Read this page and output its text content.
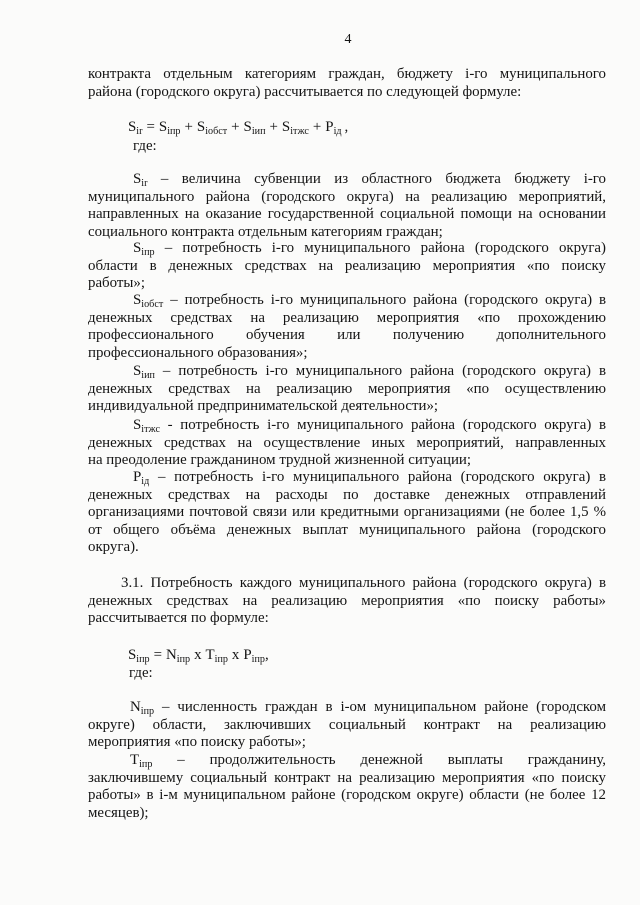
4
контракта отдельным категориям граждан, бюджету i-го муниципального
района (городского округа) рассчитывается по следующей формуле:
$S_{ir} = S_{iпр} + S_{iобст} + S_{iип} + S_{iтжс} + P_{iд}$ ,
где:
$S_{ir}$ – величина субвенции из областного бюджета бюджету i-го
муниципального района (городского округа) на реализацию мероприятий,
направленных на оказание государственной социальной помощи на основании
социального контракта отдельным категориям граждан;
$S_{iпр}$ – потребность i-го муниципального района (городского округа)
области в денежных средствах на реализацию мероприятия «по поиску
работы»;
$S_{iобст}$ – потребность i-го муниципального района (городского округа) в
денежных средствах на реализацию мероприятия «по прохождению
профессионального обучения или получению дополнительного
профессионального образования»;
$S_{iип}$ – потребность i-го муниципального района (городского округа) в
денежных средствах на реализацию мероприятия «по осуществлению
индивидуальной предпринимательской деятельности»;
$S_{iтжс}$ - потребность i-го муниципального района (городского округа) в
денежных средствах на осуществление иных мероприятий, направленных
на преодоление гражданином трудной жизненной ситуации;
$P_{iд}$ – потребность i-го муниципального района (городского округа) в
денежных средствах на расходы по доставке денежных отправлений
организациями почтовой связи или кредитными организациями (не более 1,5 %
от общего объёма денежных выплат муниципального района (городского
округа).
3.1. Потребность каждого муниципального района (городского округа) в
денежных средствах на реализацию мероприятия «по поиску работы»
рассчитывается по формуле:
$S_{iпр} = N_{iпр}$ x $T_{iпр}$ x $P_{iпр}$,
где:
$N_{iпр}$ – численность граждан в i-ом муниципальном районе (городском
округе) области, заключивших социальный контракт на реализацию
мероприятия «по поиску работы»;
$T_{iпр}$ – продолжительность денежной выплаты гражданину,
заключившему социальный контракт на реализацию мероприятия «по поиску
работы» в i-м муниципальном районе (городском округе) области (не более 12
месяцев);
